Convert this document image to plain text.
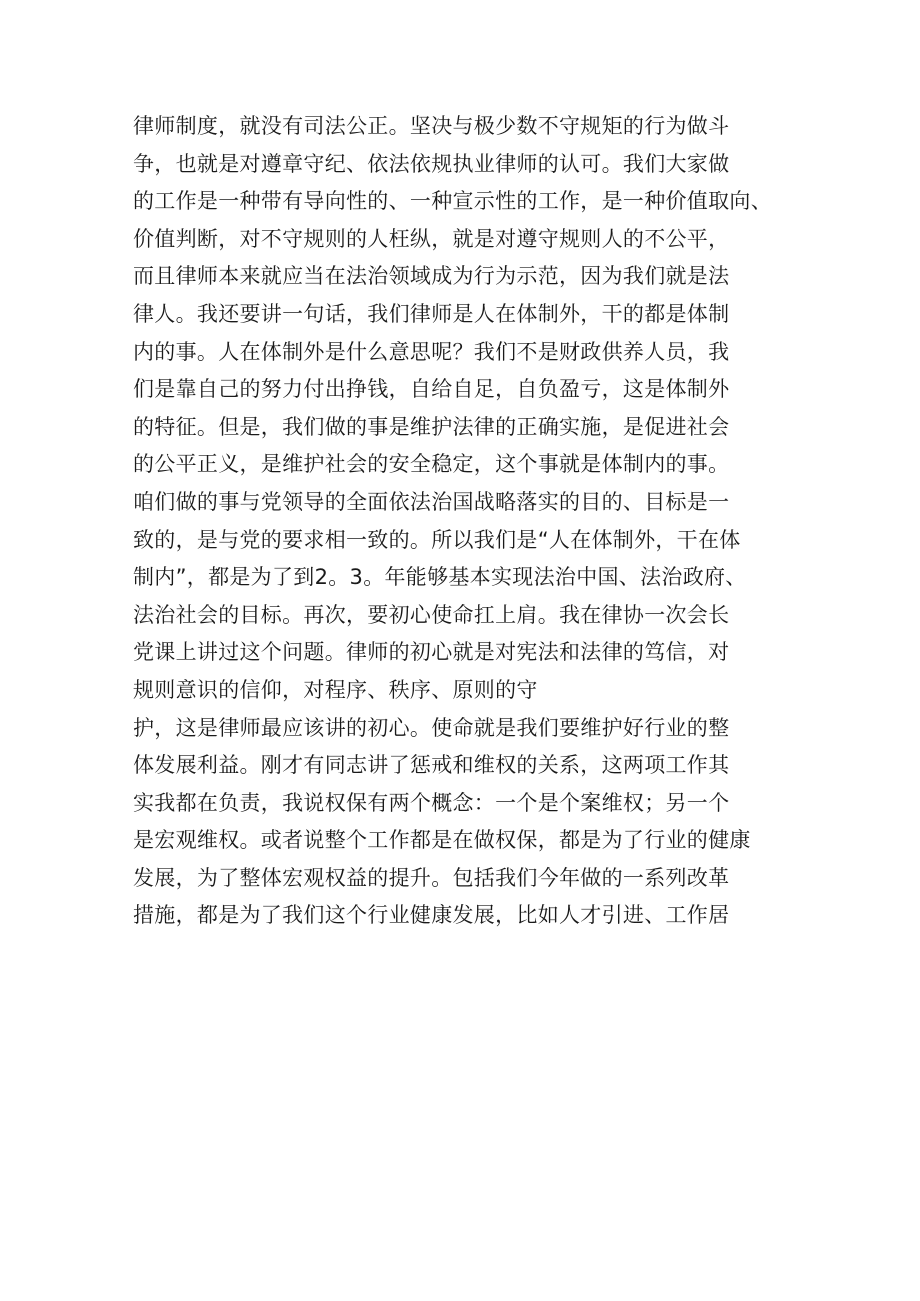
律师制度，就没有司法公正。坚决与极少数不守规矩的行为做斗
争，也就是对遵章守纪、依法依规执业律师的认可。我们大家做
的工作是一种带有导向性的、一种宣示性的工作，是一种价值取向、
价值判断，对不守规则的人枉纵，就是对遵守规则人的不公平，
而且律师本来就应当在法治领域成为行为示范，因为我们就是法
律人。我还要讲一句话，我们律师是人在体制外，干的都是体制
内的事。人在体制外是什么意思呢？我们不是财政供养人员，我
们是靠自己的努力付出挣钱，自给自足，自负盈亏，这是体制外
的特征。但是，我们做的事是维护法律的正确实施，是促进社会
的公平正义，是维护社会的安全稳定，这个事就是体制内的事。
咱们做的事与党领导的全面依法治国战略落实的目的、目标是一
致的，是与党的要求相一致的。所以我们是“人在体制外，干在体
制内”，都是为了到2。3。年能够基本实现法治中国、法治政府、
法治社会的目标。再次，要初心使命扛上肩。我在律协一次会长
党课上讲过这个问题。律师的初心就是对宪法和法律的笃信，对
规则意识的信仰，对程序、秩序、原则的守
护，这是律师最应该讲的初心。使命就是我们要维护好行业的整
体发展利益。刚才有同志讲了惩戒和维权的关系，这两项工作其
实我都在负责，我说权保有两个概念：一个是个案维权；另一个
是宏观维权。或者说整个工作都是在做权保，都是为了行业的健康
发展，为了整体宏观权益的提升。包括我们今年做的一系列改革
措施，都是为了我们这个行业健康发展，比如人才引进、工作居
